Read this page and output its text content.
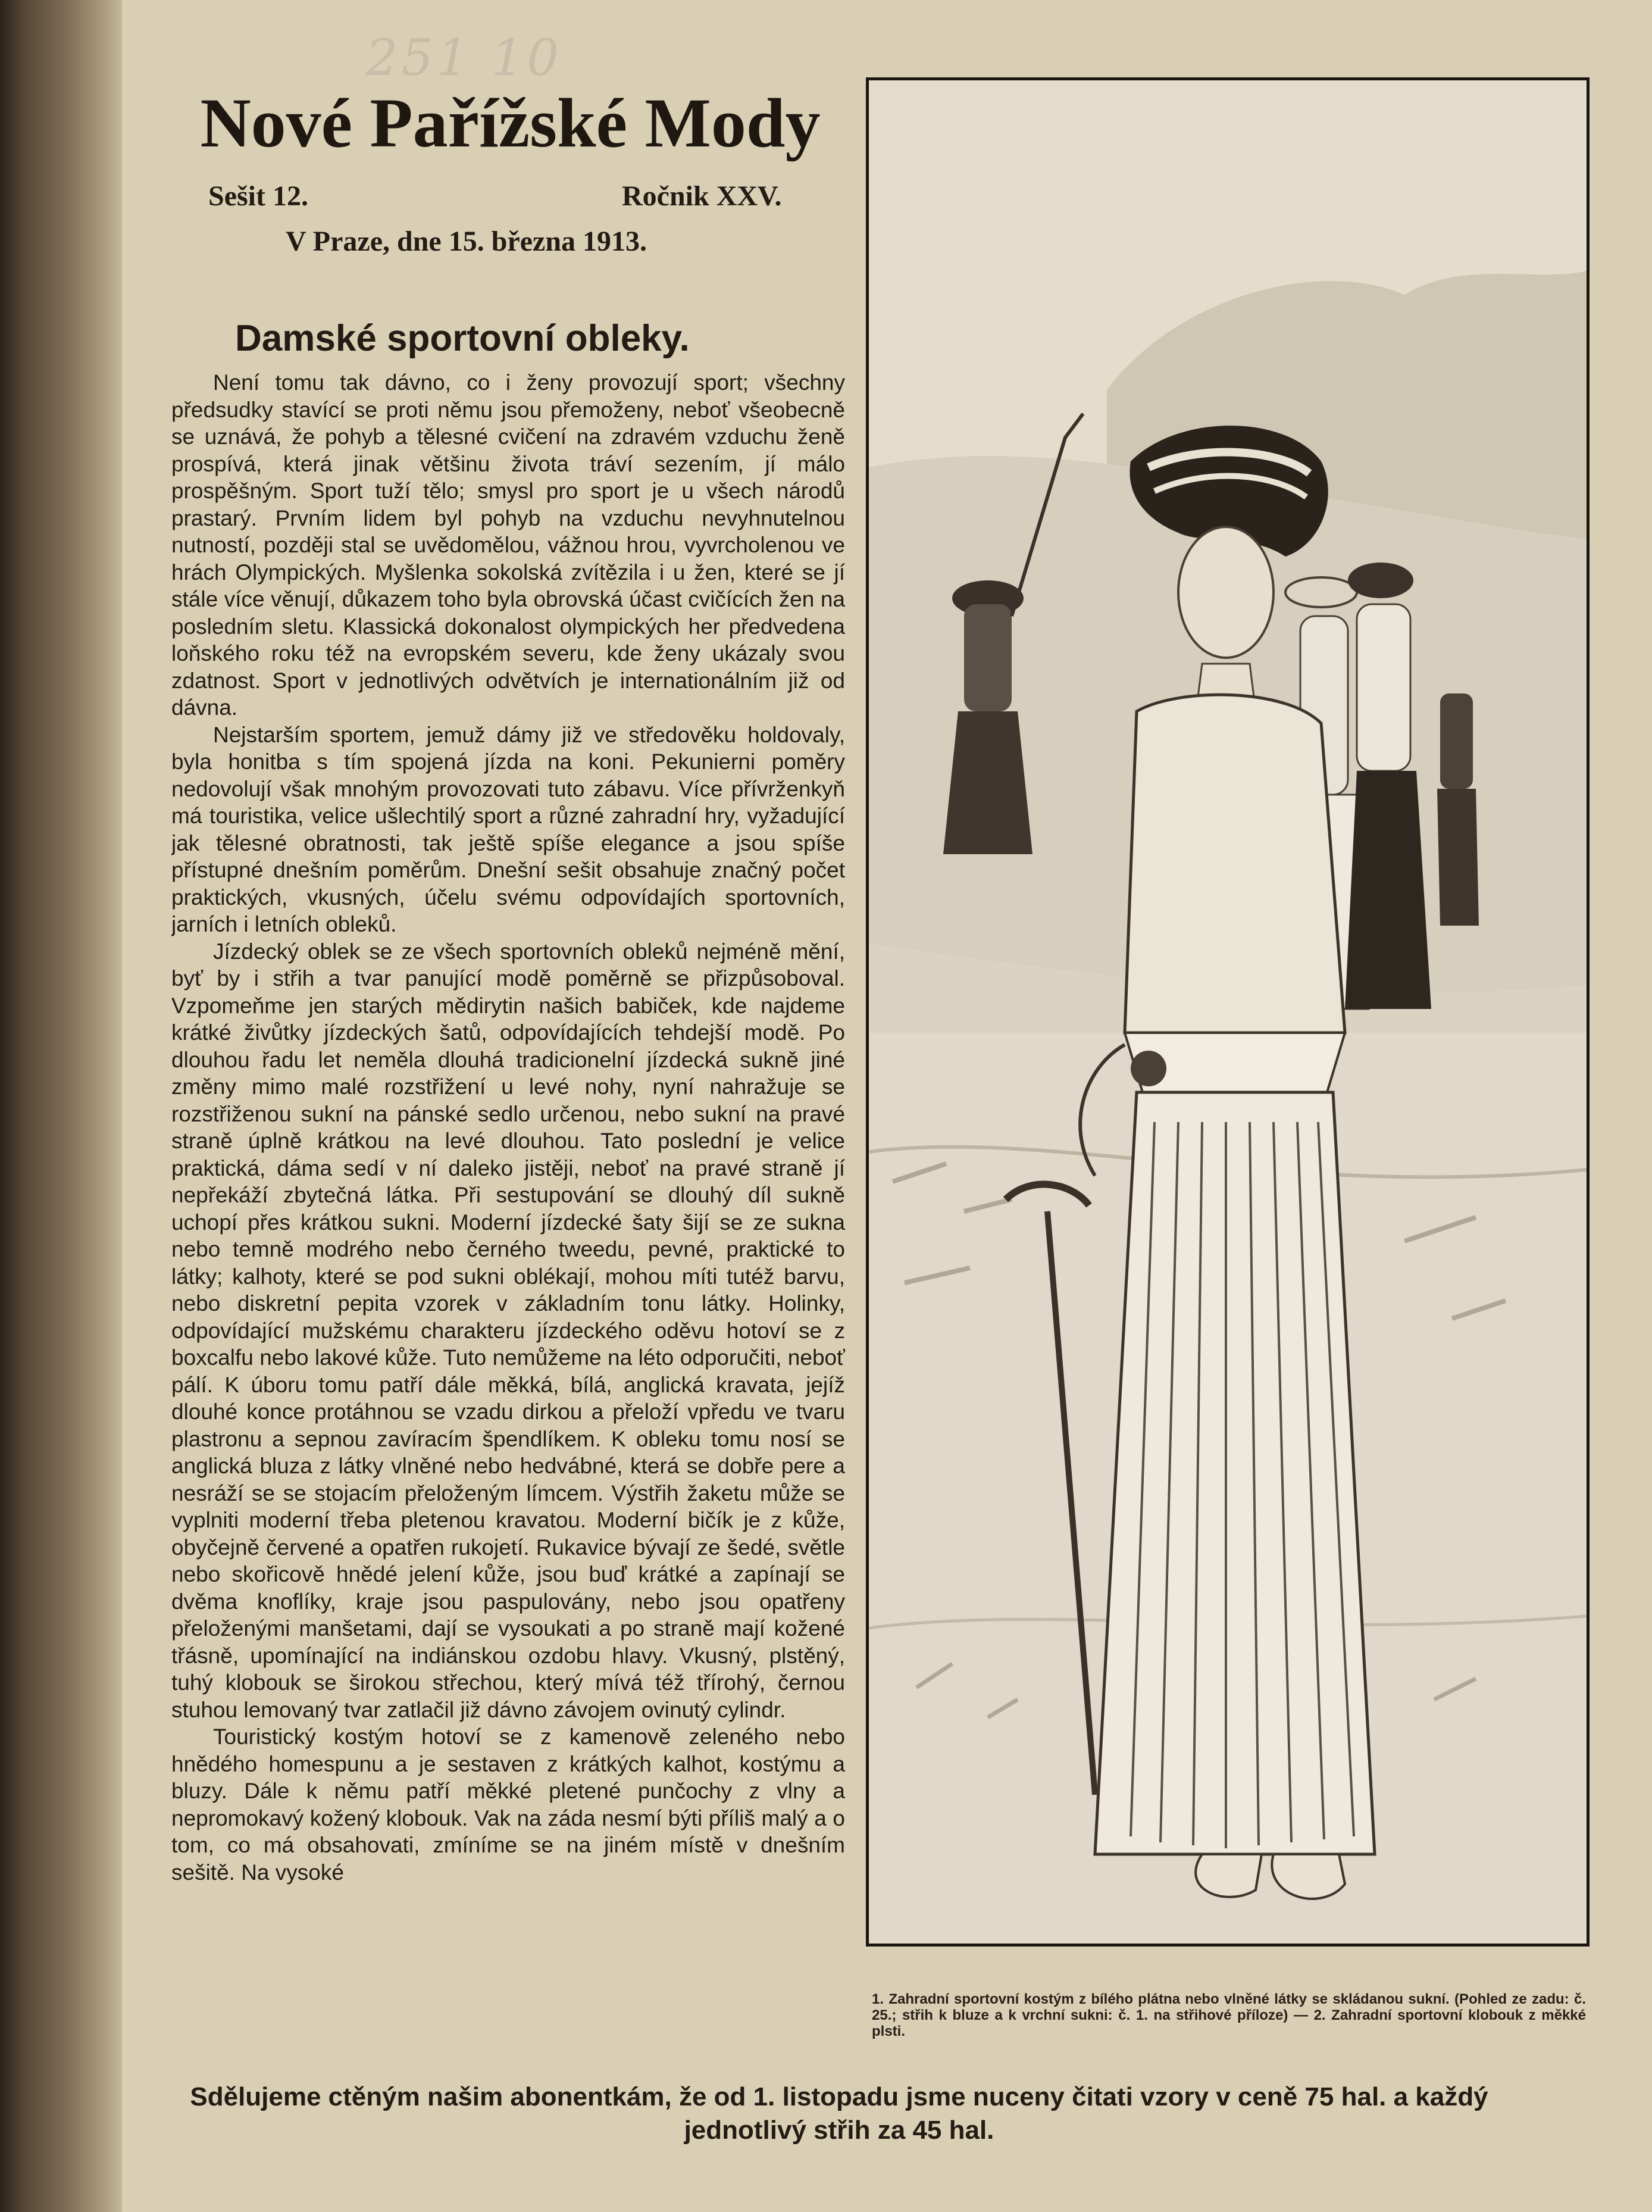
251 10
Nové Pařížské Mody

Sešit 12.	Ročnik XXV.

V Praze, dne 15. března 1913.

Dаmské sportovní obleky.

Není tomu tak dávno, co i ženy provozují sport; všechny předsudky stavící se proti němu jsou přemoženy, neboť všeobecně se uznává, že pohyb a tělesné cvičení na zdravém vzduchu ženě prospívá, která jinak většinu života tráví sezením, jí málo prospěšným. Sport tuží tělo; smysl pro sport je u všech národů prastarý. Prvním lidem byl pohyb na vzduchu nevyhnutelnou nutností, později stal se uvědomělou, vážnou hrou, vyvrcholenou ve hrách Olympických. Myšlenka sokolská zvítězila i u žen, které se jí stále více věnují, důkazem toho byla obrovská účast cvičících žen na posledním sletu. Klassická dokonalost olympických her předvedena loňského roku též na evropském severu, kde ženy ukázaly svou zdatnost. Sport v jednotlivých odvětvích je internationálním již od dávna.

Nejstarším sportem, jemuž dámy již ve středověku holdovaly, byla honitba s tím spojená jízda na koni. Pekuniernі poměry nedovolují však mnohým provozovati tuto zábavu. Více přívrženkyň má touristika, velice ušlechtilý sport a různé zahradní hry, vyžadující jak tělesné obratnosti, tak ještě spíše elegance a jsou spíše přístupné dnešním poměrům. Dnešní sešit obsahuje značný počet praktických, vkusných, účelu svému odpovídajích sportovních, jarních i letních obleků.

Jízdecký oblek se ze všech sportovních obleků nejméně mění, byť by i střih a tvar panující modě poměrně se přizpůsoboval. Vzpomeňme jen starých mědirytin našich babiček, kde najdeme krátké živůtky jízdeckých šatů, odpovídajících tehdejší modě. Po dlouhou řadu let neměla dlouhá tradicionelní jízdecká sukně jiné změny mimo malé rozstřižení u levé nohy, nyní nahražuje se rozstřiženou sukní na pánské sedlo určenou, nebo sukní na pravé straně úplně krátkou na levé dlouhou. Tato poslední je velice praktická, dáma sedí v ní daleko jistěji, neboť na pravé straně jí nepřekáží zbytečná látka. Při sestupování se dlouhý díl sukně uchopí přes krátkou sukni. Moderní jízdecké šaty šijí se ze sukna nebo temně modrého nebo černého tweedu, pevné, praktické to látky; kalhoty, které se pod sukni oblékají, mohou míti tutéž barvu, nebo diskretní pepita vzorek v základním tonu látky. Holinky, odpovídající mužskému charakteru jízdeckého oděvu hotoví se z boxcalfu nebo lakové kůže. Tuto nemůžeme na léto odporučiti, neboť pálí. K úboru tomu patří dále měkká, bílá, anglická kravata, jejíž dlouhé konce protáhnou se vzadu dirkou a přeloží vpředu ve tvaru plastronu a sepnou zavíracím špendlíkem. K obleku tomu nosí se anglická bluza z látky vlněné nebo hedvábné, která se dobře pere a nesráží se se stojacím přeloženým límcem. Výstřih žaketu může se vyplniti moderní třeba pletenou kravatou. Moderní bičík je z kůže, obyčejně červené a opatřen rukojetí. Rukavice bývají ze šedé, světle nebo skořicově hnědé jelení kůže, jsou buď krátké a zapínají se dvěma knoflíky, kraje jsou paspulovány, nebo jsou opatřeny přeloženými manšetami, dají se vysoukati a po straně mají kožené třásně, upomínající na indiánskou ozdobu hlavy. Vkusný, plstěný, tuhý klobouk se širokou střechou, který mívá též třírohý, černou stuhou lemovaný tvar zatlačil již dávno závojem ovinutý cylindr.

Touristický kostým hotoví se z kamenově zeleného nebo hnědého homespunu a je sestaven z krátkých kalhot, kostýmu a bluzy. Dále k němu patří měkké pletené punčochy z vlny a nepromokavý kožený klobouk. Vak na záda nesmí býti příliš malý a o tom, co má obsahovati, zmíníme se na jiném místě v dnešním sešitě. Na vysoké

1. Zahradní sportovní kostým z bílého plátna nebo vlněné látky se skládanou sukní. (Pohled ze zadu: č. 25.; střih k bluze a k vrchní sukni: č. 1. na střihové příloze) — 2. Zahradní sportovní klobouk z měkké plsti.

Sdělujeme ctěným našim abonentkám, že od 1. listopadu jsme nuceny čitati vzory v ceně 75 hal. a každý jednotlivý střih za 45 hal.
